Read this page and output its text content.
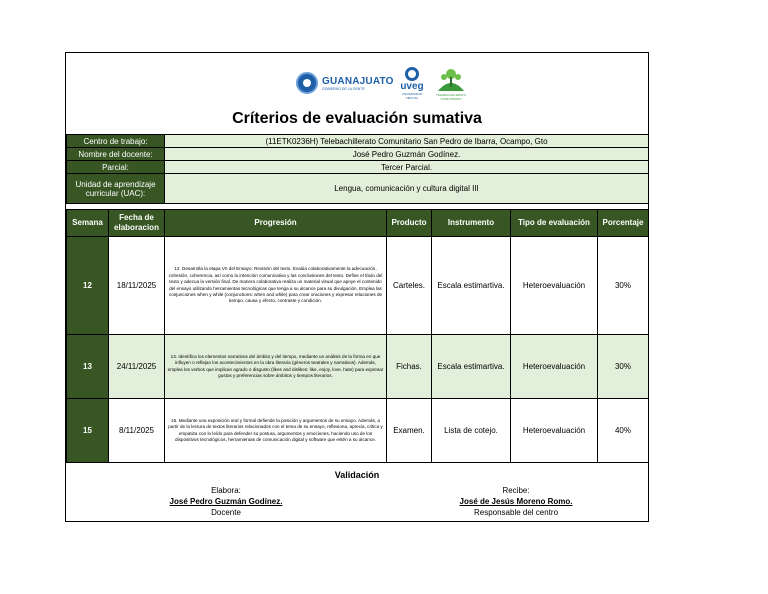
GUANAJUATO
GOBIERNO DE LA GENTE	uveg
UNIVERSIDAD VIRTUAL
TELEBACHILLERATO COMUNITARIO
Críterios de evaluación sumativa
Centro de trabajo:	(11ETK0236H) Telebachillerato Comunitario San Pedro de Ibarra, Ocampo, Gto
Nombre del docente:	José Pedro Guzmán Godínez.
Parcial:	Tercer Parcial.
Unidad de aprendizaje curricular (UAC):	Lengua, comunicación y cultura digital III
Semana	Fecha de elaboracion	Progresión	Producto	Instrumento	Tipo de evaluación	Porcentaje
12	18/11/2025	12. Desarrolla la etapa VII del Ensayo: Revisión del texto. Evalúa colaborativamente la adecuación, cohesión, coherencia, así como la intención comunicativa y las conclusiones del texto. Define el título del texto y adecua la versión final. De manera colaborativa realiza un material visual que apoye el contenido del ensayo utilizando herramientas tecnológicas que tenga a su alcance para su divulgación. Emplea las conjunciones when y while (conjunctions: when and while) para crear oraciones y expresar relaciones de tiempo, causa y efecto, contraste y condición.	Carteles.	Escala estimartiva.	Heteroevaluación	30%
13	24/11/2025	13. Identifica los elementos narrativos del ámbito y del tiempo, mediante un análisis de la forma en que influyen o reflejan los acontecimientos en la obra literaria (géneros teatrales y narrativos). Además, emplea los verbos que implican agrado o disgusto (likes and dislikes: like, enjoy, love, hate) para expresar gustos y preferencias sobre ámbitos y tiempos literarios.	Fichas.	Escala estimartiva.	Heteroevaluación	30%
15	8/11/2025	15. Mediante una exposición oral y formal defiende la posición y argumentos de su ensayo. Además, a partir de la lectura de textos literarios relacionados con el tema de su ensayo, reflexiona, aprecia, critica y empatiza con lo leído para defender su postura, argumentos y emociones, haciendo uso de los dispositivos tecnológicos, herramientas de comunicación digital y software que estén a su alcance.	Examen.	Lista de cotejo.	Heteroevaluación	40%
Validación
Elabora:
José Pedro Guzmán Godínez.
Docente
Recibe:
José de Jesús Moreno Romo.
Responsable del centro
